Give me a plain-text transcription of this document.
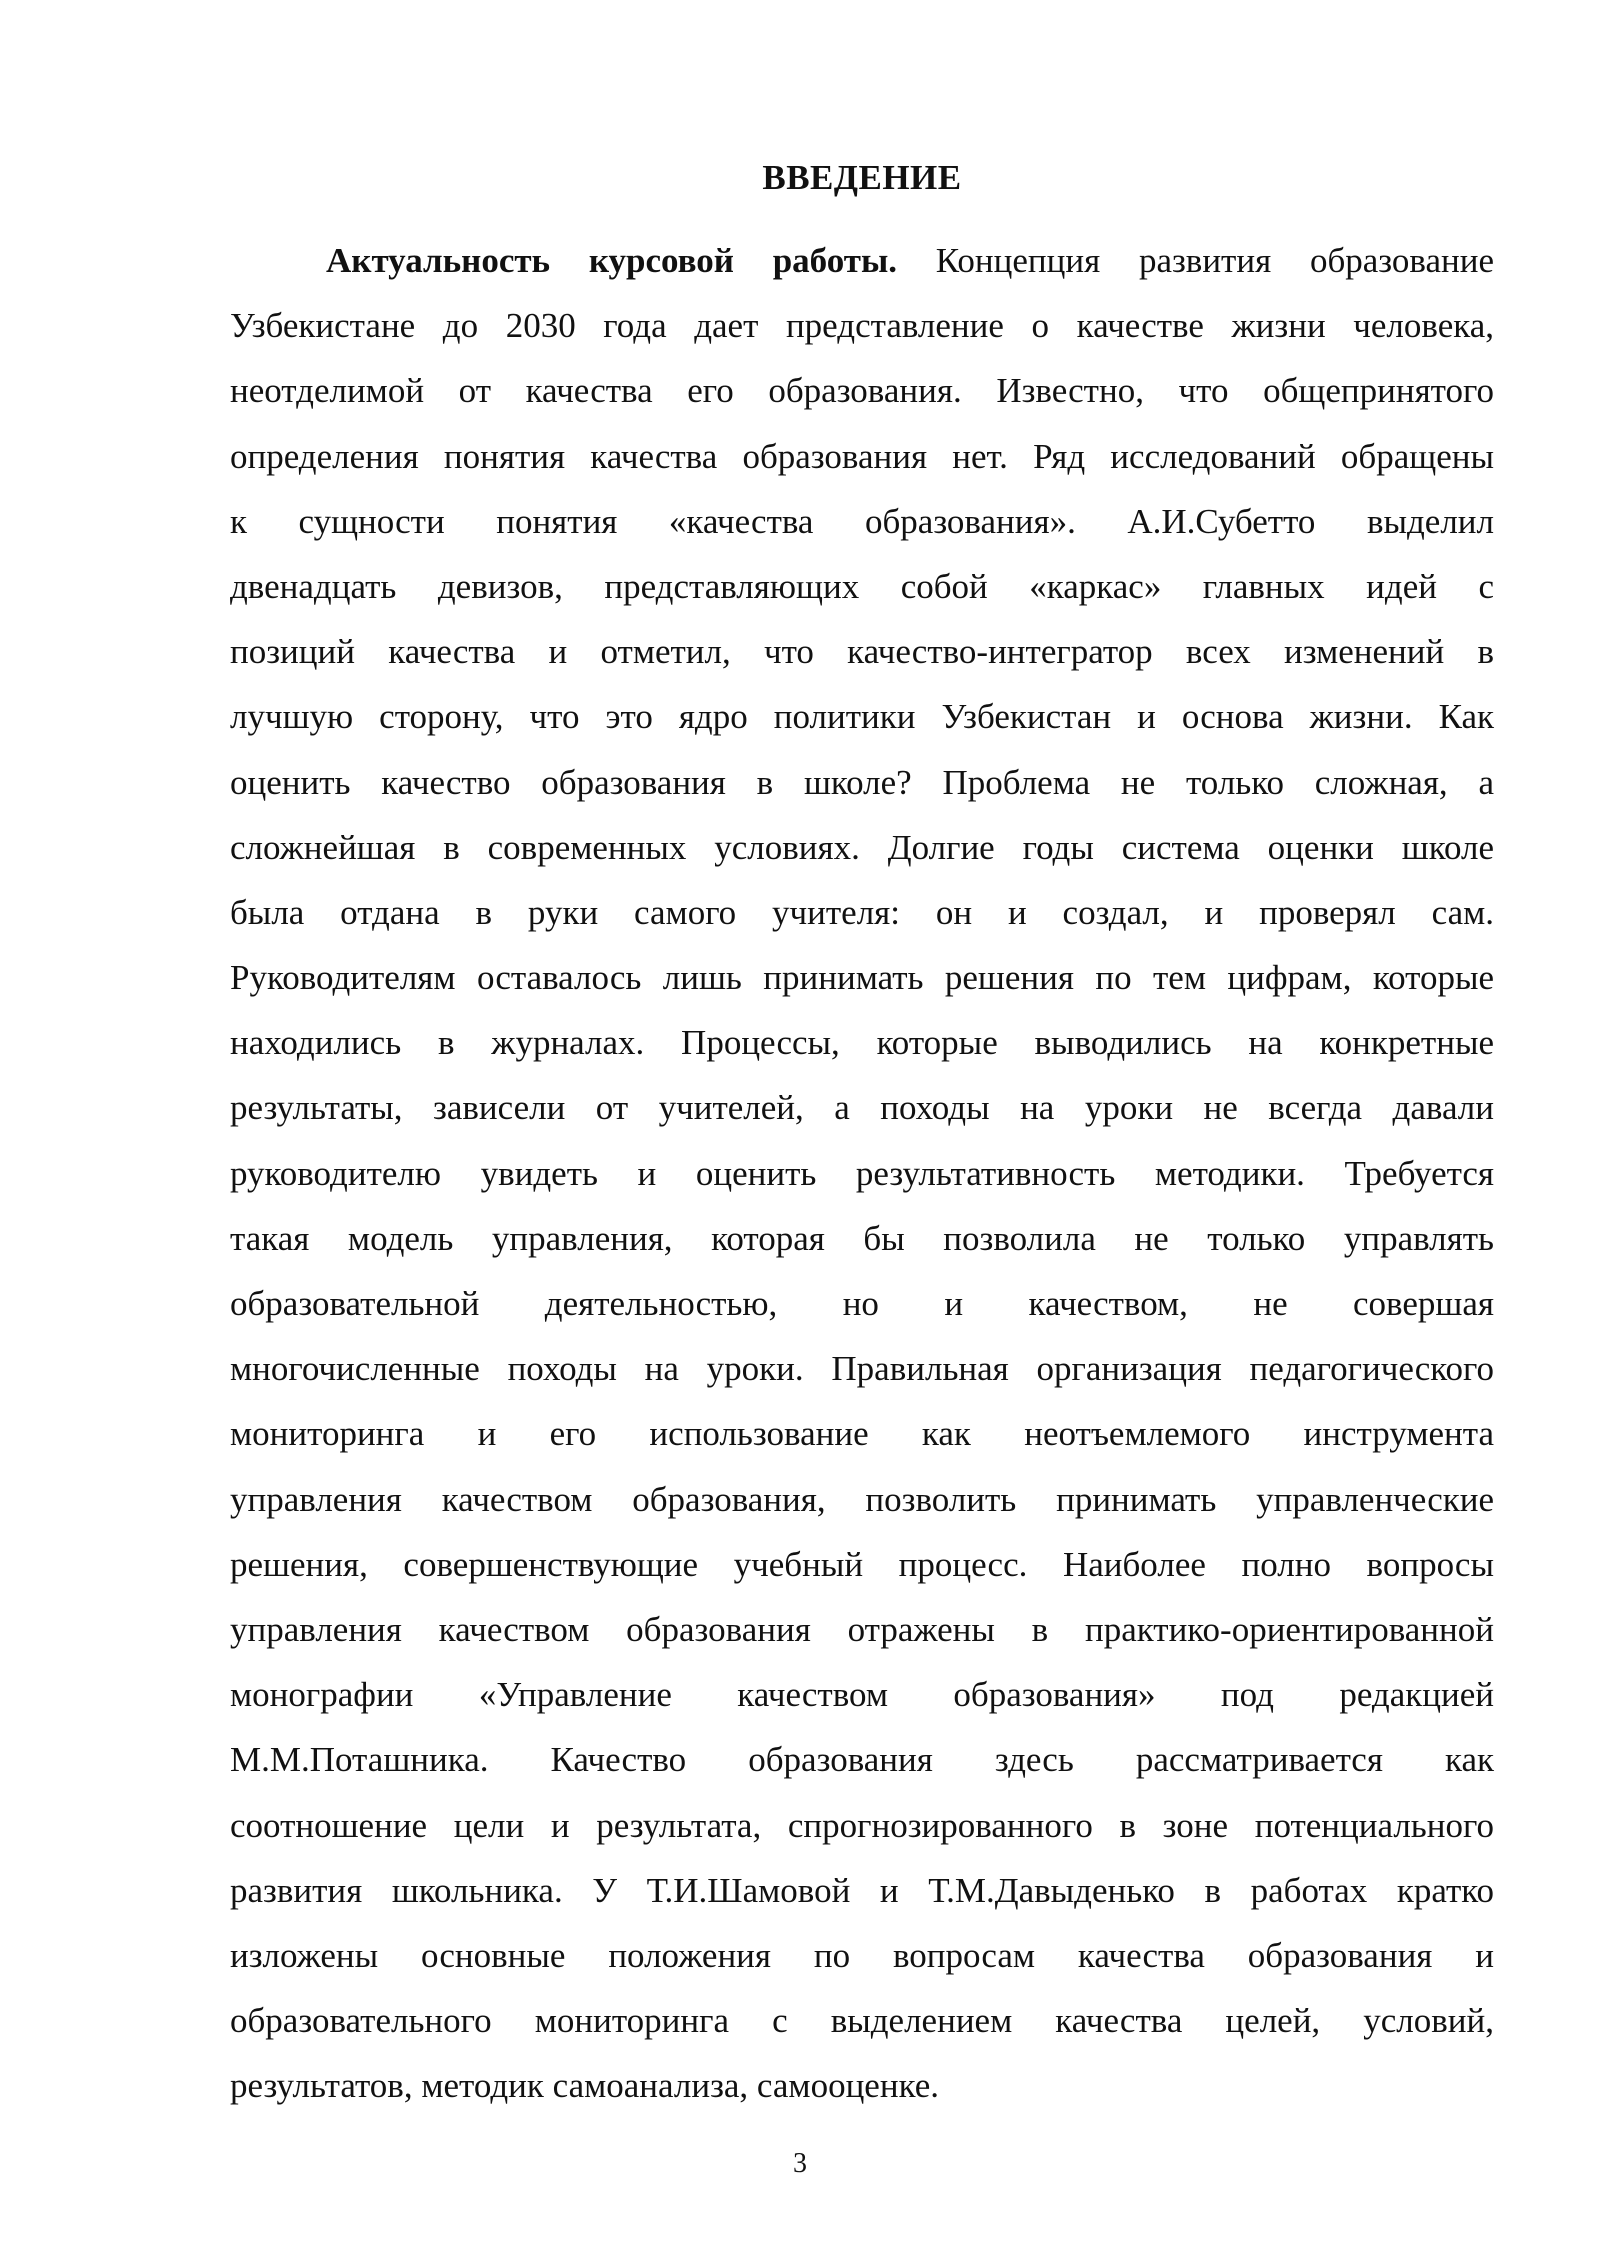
ВВЕДЕНИЕ
Актуальность курсовой работы. Концепция развития образование
Узбекистане до 2030 года дает представление о качестве жизни человека,
неотделимой от качества его образования. Известно, что общепринятого
определения понятия качества образования нет. Ряд исследований обращены
к сущности понятия «качества образования». А.И.Субетто выделил
двенадцать девизов, представляющих собой «каркас» главных идей с
позиций качества и отметил, что качество-интегратор всех изменений в
лучшую сторону, что это ядро политики Узбекистан и основа жизни. Как
оценить качество образования в школе? Проблема не только сложная, а
сложнейшая в современных условиях. Долгие годы система оценки школе
была отдана в руки самого учителя: он и создал, и проверял сам.
Руководителям оставалось лишь принимать решения по тем цифрам, которые
находились в журналах. Процессы, которые выводились на конкретные
результаты, зависели от учителей, а походы на уроки не всегда давали
руководителю увидеть и оценить результативность методики. Требуется
такая модель управления, которая бы позволила не только управлять
образовательной деятельностью, но и качеством, не совершая
многочисленные походы на уроки. Правильная организация педагогического
мониторинга и его использование как неотъемлемого инструмента
управления качеством образования, позволить принимать управленческие
решения, совершенствующие учебный процесс. Наиболее полно вопросы
управления качеством образования отражены в практико-ориентированной
монографии «Управление качеством образования» под редакцией
М.М.Поташника. Качество образования здесь рассматривается как
соотношение цели и результата, спрогнозированного в зоне потенциального
развития школьника. У Т.И.Шамовой и Т.М.Давыденько в работах кратко
изложены основные положения по вопросам качества образования и
образовательного мониторинга с выделением качества целей, условий,
результатов, методик самоанализа, самооценке.
3
